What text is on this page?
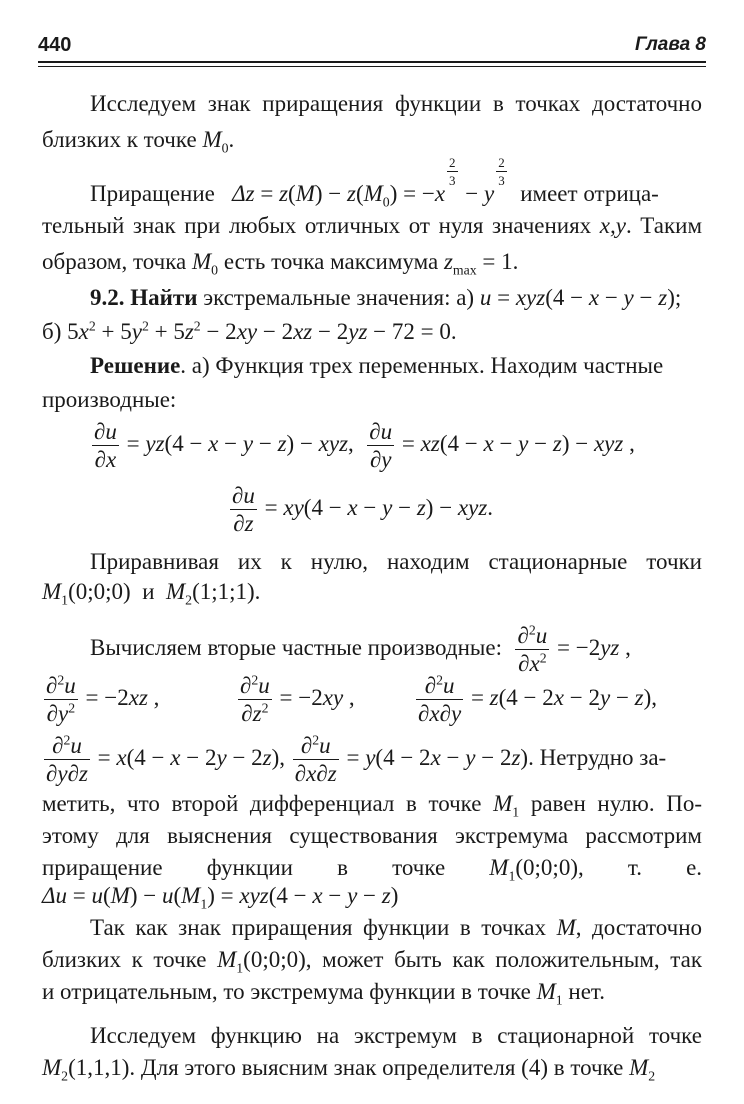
440	Глава 8
Исследуем знак приращения функции в точках достаточно
близких к точке $M_0$.
Приращение $\Delta z = z(M) - z(M_0) = -x$
$\frac{2}{3}$
− y
$\frac{2}{3}$
имеет отрица-
тельный знак при любых отличных от нуля значениях x,y. Таким
образом, точка $M_0$ есть точка максимума $z_{max} = 1$.
9.2. Найти экстремальные значения: а) u = xyz(4 − x − y − z);
б) $5x^2 + 5y^2 + 5z^2 - 2xy - 2xz - 2yz - 72 = 0$.
Решение. а) Функция трех переменных. Находим частные
производные:
$\frac{\partial u}{\partial x} = yz(4 - x - y - z)$ − xyz, $\frac{\partial u}{\partial y} = xz(4 - x - y - z)$ − xyz ,
$\frac{\partial u}{\partial z} = xy(4 - x - y - z)$ − xyz.
Приравнивая их к нулю, находим стационарные точки
$M_1(0;0;0)$  и $M_2(1;1;1)$.
Вычисляем вторые частные производные: $\frac{\partial^2u}{\partial x^2} = -2yz$ ,
$\frac{\partial^2u}{\partial y^2} = -2xz$ ,	$\frac{\partial^2u}{\partial z^2} = -2xy$ ,	$\frac{\partial^2u}{\partial x\partial y} = z(4 - 2x - 2y - z)$,
$\frac{\partial^2u}{\partial y\partial z} = x(4 - x - 2y - 2z)$, $\frac{\partial^2u}{\partial x\partial z} = y(4 - 2x - y - 2z)$. Нетрудно за-
метить, что второй дифференциал в точке $M_1$ равен нулю. По-
этому для выяснения существования экстремума рассмотрим
приращение функции в точке $M_1(0;0;0)$, т. е.
$\Delta u = u(M) - u(M_1) = xyz(4 - x - y - z)$
Так как знак приращения функции в точках M, достаточно
близких к точке $M_1(0;0;0)$, может быть как положительным, так
и отрицательным, то экстремума функции в точке $M_1$ нет.
Исследуем функцию на экстремум в стационарной точке
$M_2(1,1,1)$. Для этого выясним знак определителя (4) в точке $M_2$
